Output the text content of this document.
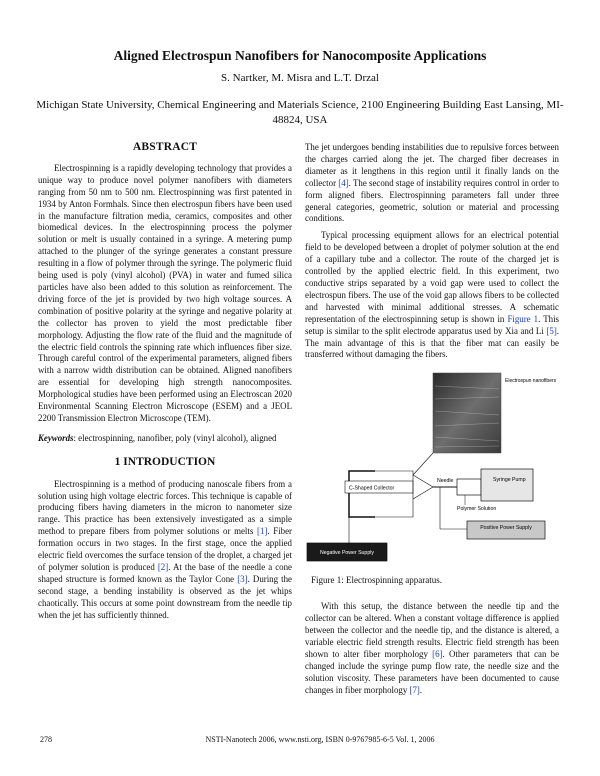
Aligned Electrospun Nanofibers for Nanocomposite Applications
S. Nartker, M. Misra and L.T. Drzal
Michigan State University, Chemical Engineering and Materials Science, 2100 Engineering Building East Lansing, MI-48824, USA
ABSTRACT

Electrospinning is a rapidly developing technology that provides a unique way to produce novel polymer nanofibers with diameters ranging from 50 nm to 500 nm. Electrospinning was first patented in 1934 by Anton Formhals. Since then electrospun fibers have been used in the manufacture filtration media, ceramics, composites and other biomedical devices. In the electrospinning process the polymer solution or melt is usually contained in a syringe. A metering pump attached to the plunger of the syringe generates a constant pressure resulting in a flow of polymer through the syringe. The polymeric fluid being used is poly (vinyl alcohol) (PVA) in water and fumed silica particles have also been added to this solution as reinforcement. The driving force of the jet is provided by two high voltage sources. A combination of positive polarity at the syringe and negative polarity at the collector has proven to yield the most predictable fiber morphology. Adjusting the flow rate of the fluid and the magnitude of the electric field controls the spinning rate which influences fiber size. Through careful control of the experimental parameters, aligned fibers with a narrow width distribution can be obtained. Aligned nanofibers are essential for developing high strength nanocomposites. Morphological studies have been performed using an Electroscan 2020 Environmental Scanning Electron Microscope (ESEM) and a JEOL 2200 Transmission Electron Microscope (TEM).

Keywords: electrospinning, nanofiber, poly (vinyl alcohol), aligned

1 INTRODUCTION

Electrospinning is a method of producing nanoscale fibers from a solution using high voltage electric forces. This technique is capable of producing fibers having diameters in the micron to nanometer size range. This practice has been extensively investigated as a simple method to prepare fibers from polymer solutions or melts [1]. Fiber formation occurs in two stages. In the first stage, once the applied electric field overcomes the surface tension of the droplet, a charged jet of polymer solution is produced [2]. At the base of the needle a cone shaped structure is formed known as the Taylor Cone [3]. During the second stage, a bending instability is observed as the jet whips chaotically. This occurs at some point downstream from the needle tip when the jet has sufficiently thinned.

The jet undergoes bending instabilities due to repulsive forces between the charges carried along the jet. The charged fiber decreases in diameter as it lengthens in this region until it finally lands on the collector [4]. The second stage of instability requires control in order to form aligned fibers. Electrospinning parameters fall under three general categories, geometric, solution or material and processing conditions.

Typical processing equipment allows for an electrical potential field to be developed between a droplet of polymer solution at the end of a capillary tube and a collector. The route of the charged jet is controlled by the applied electric field. In this experiment, two conductive strips separated by a void gap were used to collect the electrospun fibers. The use of the void gap allows fibers to be collected and harvested with minimal additional stresses. A schematic representation of the electrospinning setup is shown in Figure 1. This setup is similar to the split electrode apparatus used by Xia and Li [5]. The main advantage of this is that the fiber mat can easily be transferred without damaging the fibers.

Electrospun nanofibers
C-Shaped Collector
Needle	Syringe Pump
Polymer Solution
Positive Power Supply
Negative Power Supply

Figure 1: Electrospinning apparatus.

With this setup, the distance between the needle tip and the collector can be altered. When a constant voltage difference is applied between the collector and the needle tip, and the distance is altered, a variable electric field strength results. Electric field strength has been shown to alter fiber morphology [6]. Other parameters that can be changed include the syringe pump flow rate, the needle size and the solution viscosity. These parameters have been documented to cause changes in fiber morphology [7].

278	NSTI-Nanotech 2006, www.nsti.org, ISBN 0-9767985-6-5 Vol. 1, 2006
